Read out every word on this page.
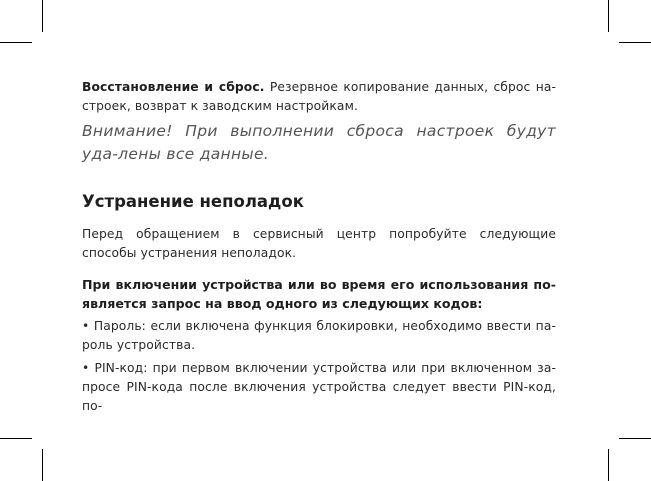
Восстановление и сброс. Резервное копирование данных, сброс на-строек, возврат к заводским настройкам.

Внимание! При выполнении сброса настроек будут уда-лены все данные.

Устранение неполадок

Перед обращением в сервисный центр попробуйте следующие способы устранения неполадок.

При включении устройства или во время его использования по-является запрос на ввод одного из следующих кодов:

• Пароль: если включена функция блокировки, необходимо ввести па-роль устройства.

• PIN-код: при первом включении устройства или при включенном за-просе PIN-кода после включения устройства следует ввести PIN-код, по-
